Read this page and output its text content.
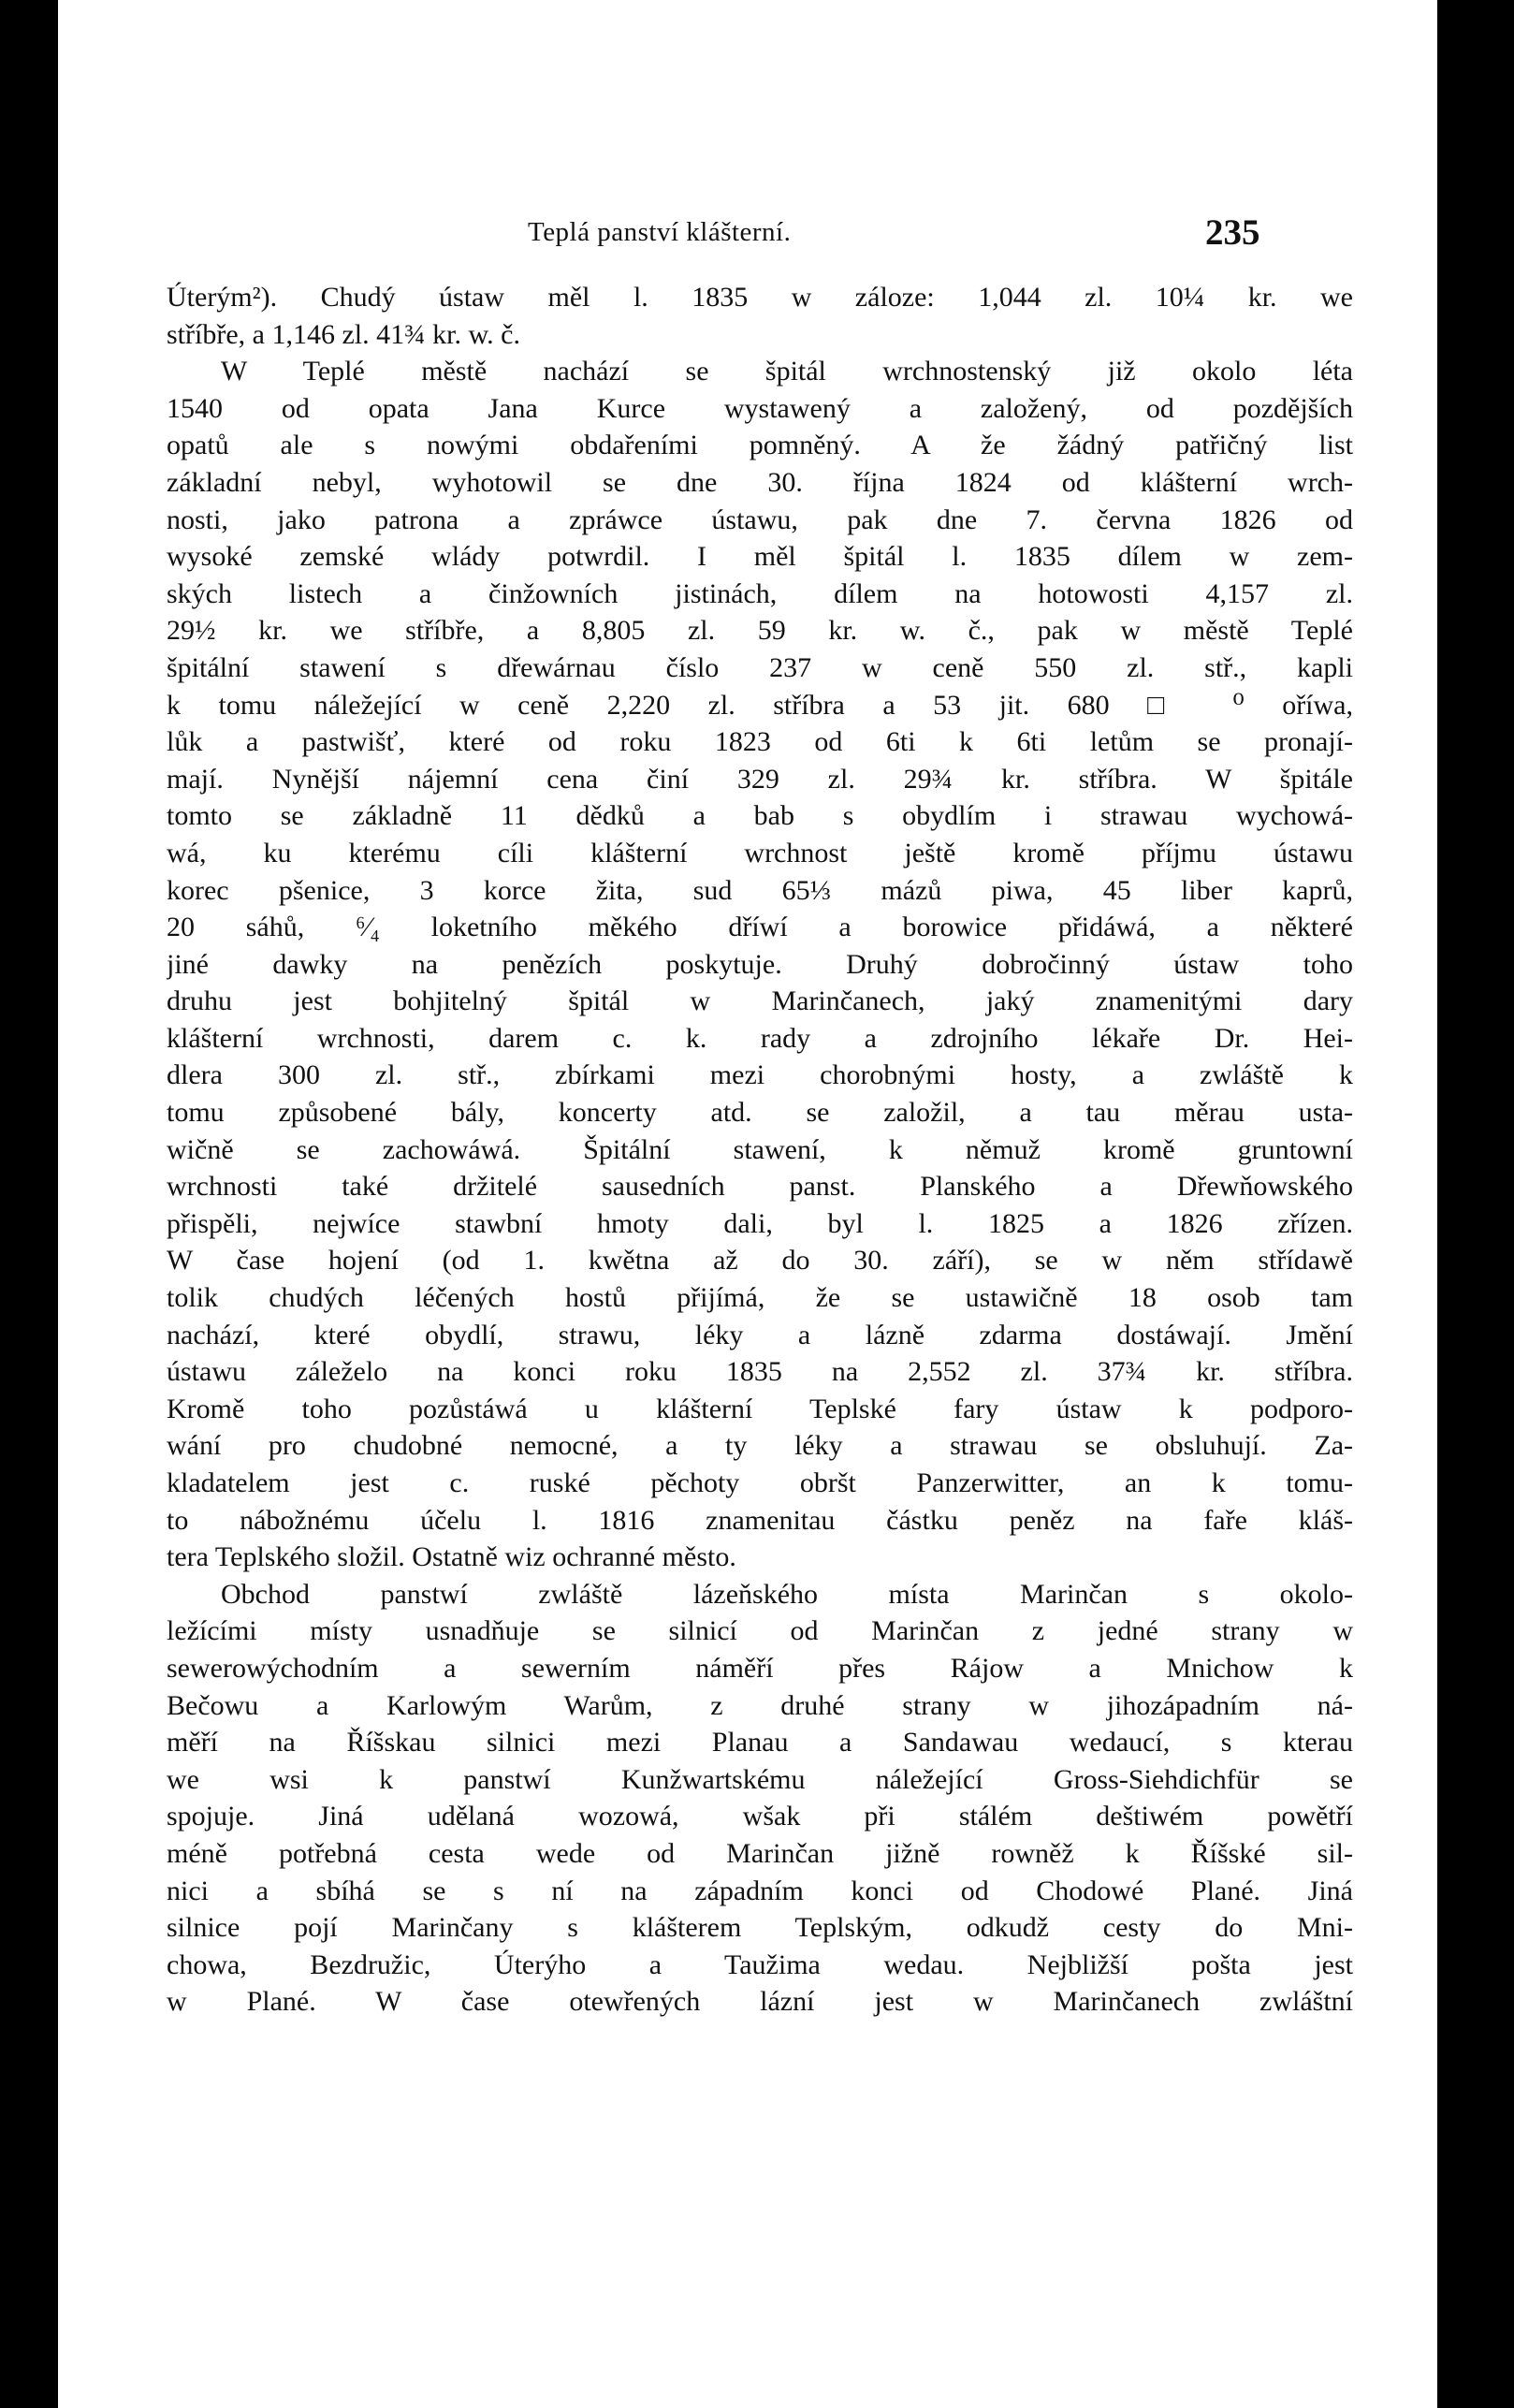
Teplá panství klášterní.	235
Úterým²). Chudý ústaw měl l. 1835 w záloze: 1,044 zl. 10¼ kr. we
stříbře, a 1,146 zl. 41¾ kr. w. č.
W Teplé městě nachází se špitál wrchnostenský již okolo léta
1540 od opata Jana Kurce wystawený a založený, od pozdějších
opatů ale s nowými obdařeními pomněný. A že žádný patřičný list
základní nebyl, wyhotowil se dne 30. října 1824 od klášterní wrch-
nosti, jako patrona a zpráwce ústawu, pak dne 7. června 1826 od
wysoké zemské wlády potwrdil. I měl špitál l. 1835 dílem w zem-
ských listech a činžowních jistinách, dílem na hotowosti 4,157 zl.
29½ kr. we stříbře, a 8,805 zl. 59 kr. w. č., pak w městě Teplé
špitální stawení s dřewárnau číslo 237 w ceně 550 zl. stř., kapli
k tomu náležející w ceně 2,220 zl. stříbra a 53 jit. 680 □ ⁰ oříwa,
lůk a pastwišť, které od roku 1823 od 6ti k 6ti letům se pronají-
mají. Nynější nájemní cena činí 329 zl. 29¾ kr. stříbra. W špitále
tomto se základně 11 dědků a bab s obydlím i strawau wychowá-
wá, ku kterému cíli klášterní wrchnost ještě kromě příjmu ústawu
korec pšenice, 3 korce žita, sud 65⅓ mázů piwa, 45 liber kaprů,
20 sáhů, ⁶⁄₄ loketního měkého dříwí a borowice přidáwá, a některé
jiné dawky na penězích poskytuje. Druhý dobročinný ústaw toho
druhu jest bohjitelný špitál w Marinčanech, jaký znamenitými dary
klášterní wrchnosti, darem c. k. rady a zdrojního lékaře Dr. Hei-
dlera 300 zl. stř., zbírkami mezi chorobnými hosty, a zwláště k
tomu způsobené bály, koncerty atd. se založil, a tau měrau usta-
wičně se zachowáwá. Špitální stawení, k němuž kromě gruntowní
wrchnosti také držitelé sausedních panst. Planského a Dřewňowského
přispěli, nejwíce stawbní hmoty dali, byl l. 1825 a 1826 zřízen.
W čase hojení (od 1. kwětna až do 30. září), se w něm střídawě
tolik chudých léčených hostů přijímá, že se ustawičně 18 osob tam
nachází, které obydlí, strawu, léky a lázně zdarma dostáwají. Jmění
ústawu záleželo na konci roku 1835 na 2,552 zl. 37¾ kr. stříbra.
Kromě toho pozůstáwá u klášterní Teplské fary ústaw k podporo-
wání pro chudobné nemocné, a ty léky a strawau se obsluhují. Za-
kladatelem jest c. ruské pěchoty obršt Panzerwitter, an k tomu-
to nábožnému účelu l. 1816 znamenitau částku peněz na faře kláš-
tera Teplského složil. Ostatně wiz ochranné město.
Obchod panstwí zwláště lázeňského místa Marinčan s okolo-
ležícími místy usnadňuje se silnicí od Marinčan z jedné strany w
sewerowýchodním a sewerním náměří přes Rájow a Mnichow k
Bečowu a Karlowým Warům, z druhé strany w jihozápadním ná-
měří na Říšskau silnici mezi Planau a Sandawau wedaucí, s kterau
we wsi k panstwí Kunžwartskému náležející Gross-Siehdichfür se
spojuje. Jiná udělaná wozowá, wšak při stálém deštiwém powětří
méně potřebná cesta wede od Marinčan jižně rowněž k Říšské sil-
nici a sbíhá se s ní na západním konci od Chodowé Plané. Jiná
silnice pojí Marinčany s klášterem Teplským, odkudž cesty do Mni-
chowa, Bezdružic, Úterýho a Taužima wedau. Nejbližší pošta jest
w Plané. W čase otewřených lázní jest w Marinčanech zwláštní
